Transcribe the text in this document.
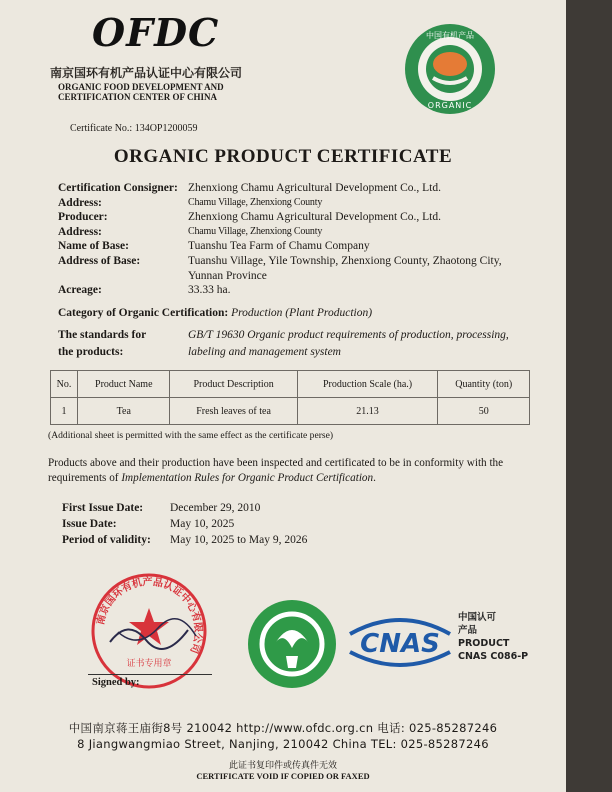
OFDC
南京国环有机产品认证中心有限公司
ORGANIC FOOD DEVELOPMENT AND
CERTIFICATION CENTER OF CHINA
中国有机产品
ORGANIC
Certificate No.: 134OP1200059
ORGANIC PRODUCT CERTIFICATE
Certification Consigner: Zhenxiong Chamu Agricultural Development Co., Ltd.
Address:	Chamu Village, Zhenxiong County
Producer:	Zhenxiong Chamu Agricultural Development Co., Ltd.
Address:	Chamu Village, Zhenxiong County
Name of Base:	Tuanshu Tea Farm of Chamu Company
Address of Base:	Tuanshu Village, Yile Township, Zhenxiong County, Zhaotong City,
Yunnan Province
Acreage:	33.33 ha.
Category of Organic Certification: Production (Plant Production)
The standards for
the products:
GB/T 19630 Organic product requirements of production, processing,
labeling and management system
No.	Product Name	Product Description	Production Scale (ha.)	Quantity (ton)
1	Tea	Fresh leaves of tea	21.13	50
(Additional sheet is permitted with the same effect as the certificate perse)
Products above and their production have been inspected and certificated to be in conformity with the requirements of Implementation Rules for Organic Product Certification.
First Issue Date:	December 29, 2010
Issue Date:	May 10, 2025
Period of validity:	May 10, 2025 to May 9, 2026
南京国环有机产品认证中心有限公司
证书专用章
Signed by:
CNAS
中国认可
产品
PRODUCT
CNAS C086-P
中国南京蒋王庙街8号 210042 http://www.ofdc.org.cn 电话: 025-85287246
8 Jiangwangmiao Street, Nanjing, 210042 China TEL: 025-85287246
此证书复印件或传真件无效
CERTIFICATE VOID IF COPIED OR FAXED
